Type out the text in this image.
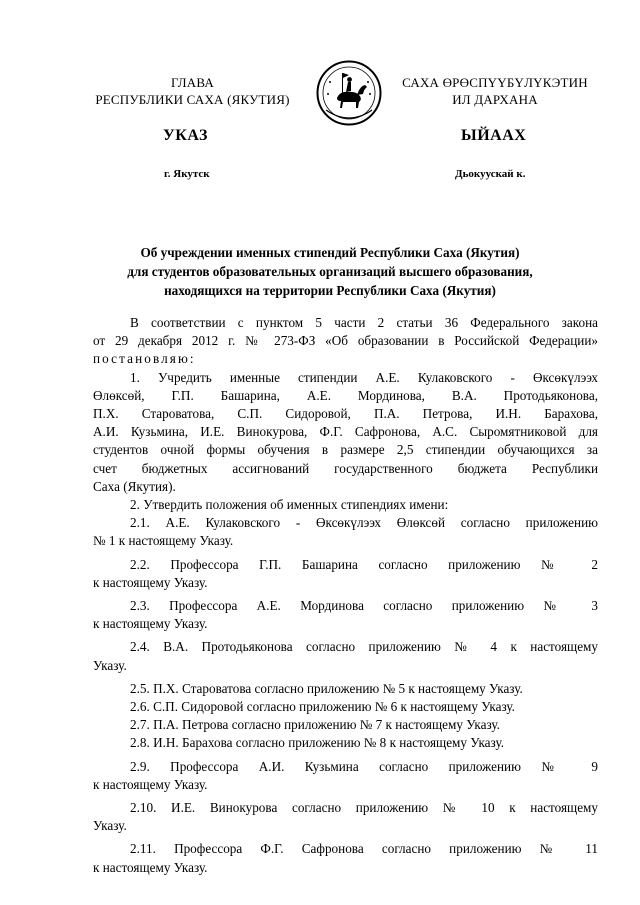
ГЛАВА
РЕСПУБЛИКИ САХА (ЯКУТИЯ)
САХА ӨРӨСПҮҮБҮЛҮКЭТИН
ИЛ ДАРХАНА
УКАЗ	ЫЙААХ
г. Якутск	Дьокуускай к.
Об учреждении именных стипендий Республики Саха (Якутия)
для студентов образовательных организаций высшего образования,
находящихся на территории Республики Саха (Якутия)

В соответствии с пунктом 5 части 2 статьи 36 Федерального закона

от 29 декабря 2012 г. № 273-ФЗ «Об образовании в Российской Федерации»

постановляю:

1. Учредить именные стипендии А.Е. Кулаковского - Өксөкүлээх

Өлөксөй, Г.П. Башарина, А.Е. Мординова, В.А. Протодьяконова,

П.Х. Староватова, С.П. Сидоровой, П.А. Петрова, И.Н. Барахова,

А.И. Кузьмина, И.Е. Винокурова, Ф.Г. Сафронова, А.С. Сыромятниковой для

студентов очной формы обучения в размере 2,5 стипендии обучающихся за

счет бюджетных ассигнований государственного бюджета Республики

Саха (Якутия).

2. Утвердить положения об именных стипендиях имени:

2.1. А.Е. Кулаковского - Өксөкүлээх Өлөксөй согласно приложению

№ 1 к настоящему Указу.

2.2. Профессора Г.П. Башарина согласно приложению № 2

к настоящему Указу.

2.3. Профессора А.Е. Мординова согласно приложению № 3

к настоящему Указу.

2.4. В.А. Протодьяконова согласно приложению № 4 к настоящему

Указу.

2.5. П.Х. Староватова согласно приложению № 5 к настоящему Указу.

2.6. С.П. Сидоровой согласно приложению № 6 к настоящему Указу.

2.7. П.А. Петрова согласно приложению № 7 к настоящему Указу.

2.8. И.Н. Барахова согласно приложению № 8 к настоящему Указу.

2.9. Профессора А.И. Кузьмина согласно приложению № 9

к настоящему Указу.

2.10. И.Е. Винокурова согласно приложению № 10 к настоящему

Указу.

2.11. Профессора Ф.Г. Сафронова согласно приложению № 11

к настоящему Указу.
